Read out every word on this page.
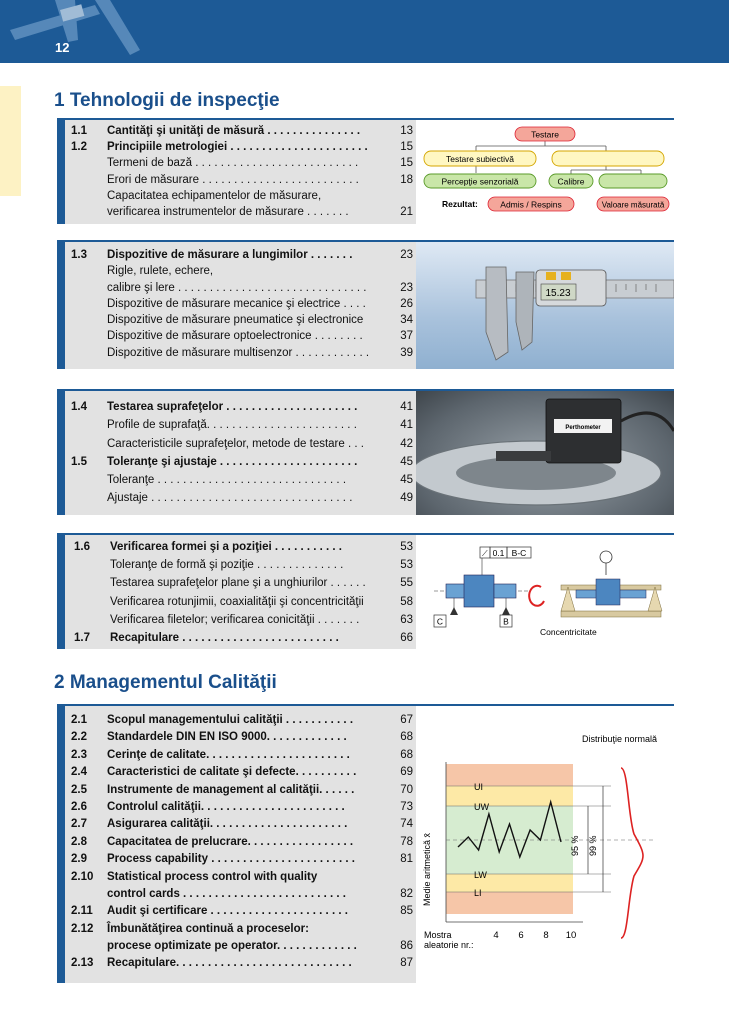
12
1 Tehnologii de inspecţie
1.1	Cantităţi şi unităţi de măsură . . . . . . . . . . . . . . .	13
1.2	Principiile metrologiei . . . . . . . . . . . . . . . . . . . . . .	15
Termeni de bază . . . . . . . . . . . . . . . . . . . . . . . . . .	15
Erori de măsurare . . . . . . . . . . . . . . . . . . . . . . . . .	18
Capacitatea echipamentelor de măsurare,
verificarea instrumentelor de măsurare . . . . . . .	21
Testare
Testare subiectivă
Percepţie senzorială	Calibre
Rezultat:	Admis / Respins	Valoare măsurată
1.3	Dispozitive de măsurare a lungimilor . . . . . . .	23
Rigle, rulete, echere,
calibre şi lere . . . . . . . . . . . . . . . . . . . . . . . . . . . . . .	23
Dispozitive de măsurare mecanice şi electrice . . . .	26
Dispozitive de măsurare pneumatice şi electronice	34
Dispozitive de măsurare optoelectronice . . . . . . . .	37
Dispozitive de măsurare multisenzor . . . . . . . . . . . .	39
15.23
1.4	Testarea suprafeţelor . . . . . . . . . . . . . . . . . . . . .	41
Profile de suprafaţă. . . . . . . . . . . . . . . . . . . . . . . .	41
Caracteristicile suprafeţelor, metode de testare . . .	42
1.5	Toleranţe şi ajustaje . . . . . . . . . . . . . . . . . . . . . .	45
Toleranţe . . . . . . . . . . . . . . . . . . . . . . . . . . . . . .	45
Ajustaje . . . . . . . . . . . . . . . . . . . . . . . . . . . . . . . .	49
Perthometer
1.6	Verificarea formei şi a poziţiei . . . . . . . . . . .	53
Toleranţe de formă şi poziţie . . . . . . . . . . . . . .	53
Testarea suprafeţelor plane şi a unghiurilor . . . . . .	55
Verificarea rotunjimii, coaxialităţii şi concentricităţii	58
Verificarea filetelor; verificarea conicităţii . . . . . . .	63
1.7	Recapitulare . . . . . . . . . . . . . . . . . . . . . . . . .	66
⟋ 0.1 B-C
C	B
Concentricitate
2 Managementul Calităţii
2.1	Scopul managementului calităţii . . . . . . . . . . .	67
2.2	Standardele DIN EN ISO 9000. . . . . . . . . . . . .	68
2.3	Cerinţe de calitate. . . . . . . . . . . . . . . . . . . . . . .	68
2.4	Caracteristici de calitate şi defecte. . . . . . . . . .	69
2.5	Instrumente de management al calităţii. . . . . .	70
2.6	Controlul calităţii. . . . . . . . . . . . . . . . . . . . . . .	73
2.7	Asigurarea calităţii. . . . . . . . . . . . . . . . . . . . . .	74
2.8	Capacitatea de prelucrare. . . . . . . . . . . . . . . . .	78
2.9	Process capability . . . . . . . . . . . . . . . . . . . . . . .	81
2.10	Statistical process control with quality
control cards . . . . . . . . . . . . . . . . . . . . . . . . . .	82
2.11	Audit şi certificare . . . . . . . . . . . . . . . . . . . . . .	85
2.12	Îmbunătăţirea continuă a proceselor:
procese optimizate pe operator. . . . . . . . . . . . .	86
2.13	Recapitulare. . . . . . . . . . . . . . . . . . . . . . . . . . . .	87
UI
UW
LW
LI
95 % 99 %
Distribuţie normală
Medie aritmetică x̄
Mostra
aleatorie nr.:
4 6 8 10
